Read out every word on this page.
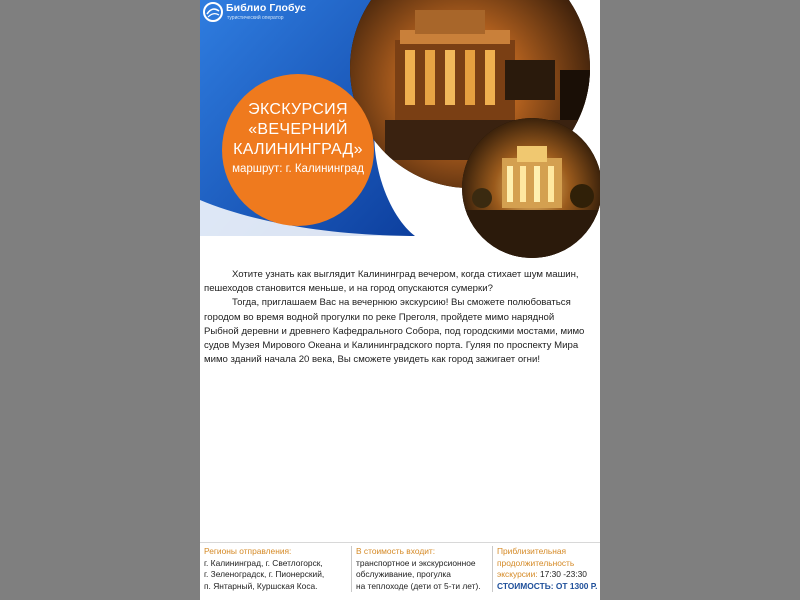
Библио Глобус
туристический оператор
ЭКСКУРСИЯ
«ВЕЧЕРНИЙ
КАЛИНИНГРАД»
маршрут: г. Калининград

Хотите узнать как выглядит Калининград вечером, когда стихает шум машин,
пешеходов становится меньше, и на город опускаются сумерки?

Тогда, приглашаем Вас на вечернюю экскурсию! Вы сможете полюбоваться
городом во время водной прогулки по реке Преголя, пройдете мимо нарядной
Рыбной деревни и древнего Кафедрального Собора, под городскими мостами, мимо
судов Музея Мирового Океана и Калининградского порта. Гуляя по проспекту Мира
мимо зданий начала 20 века, Вы сможете увидеть как город зажигает огни!

Регионы отправления:
г. Калининград, г. Светлогорск,
г. Зеленоградск, г. Пионерский,
п. Янтарный, Куршская Коса.
В стоимость входит:
транспортное и экскурсионное
обслуживание, прогулка
на теплоходе (дети от 5-ти лет).
Приблизительная
продолжительность
экскурсии: 17:30 -23:30
СТОИМОСТЬ: ОТ 1300 Р.
